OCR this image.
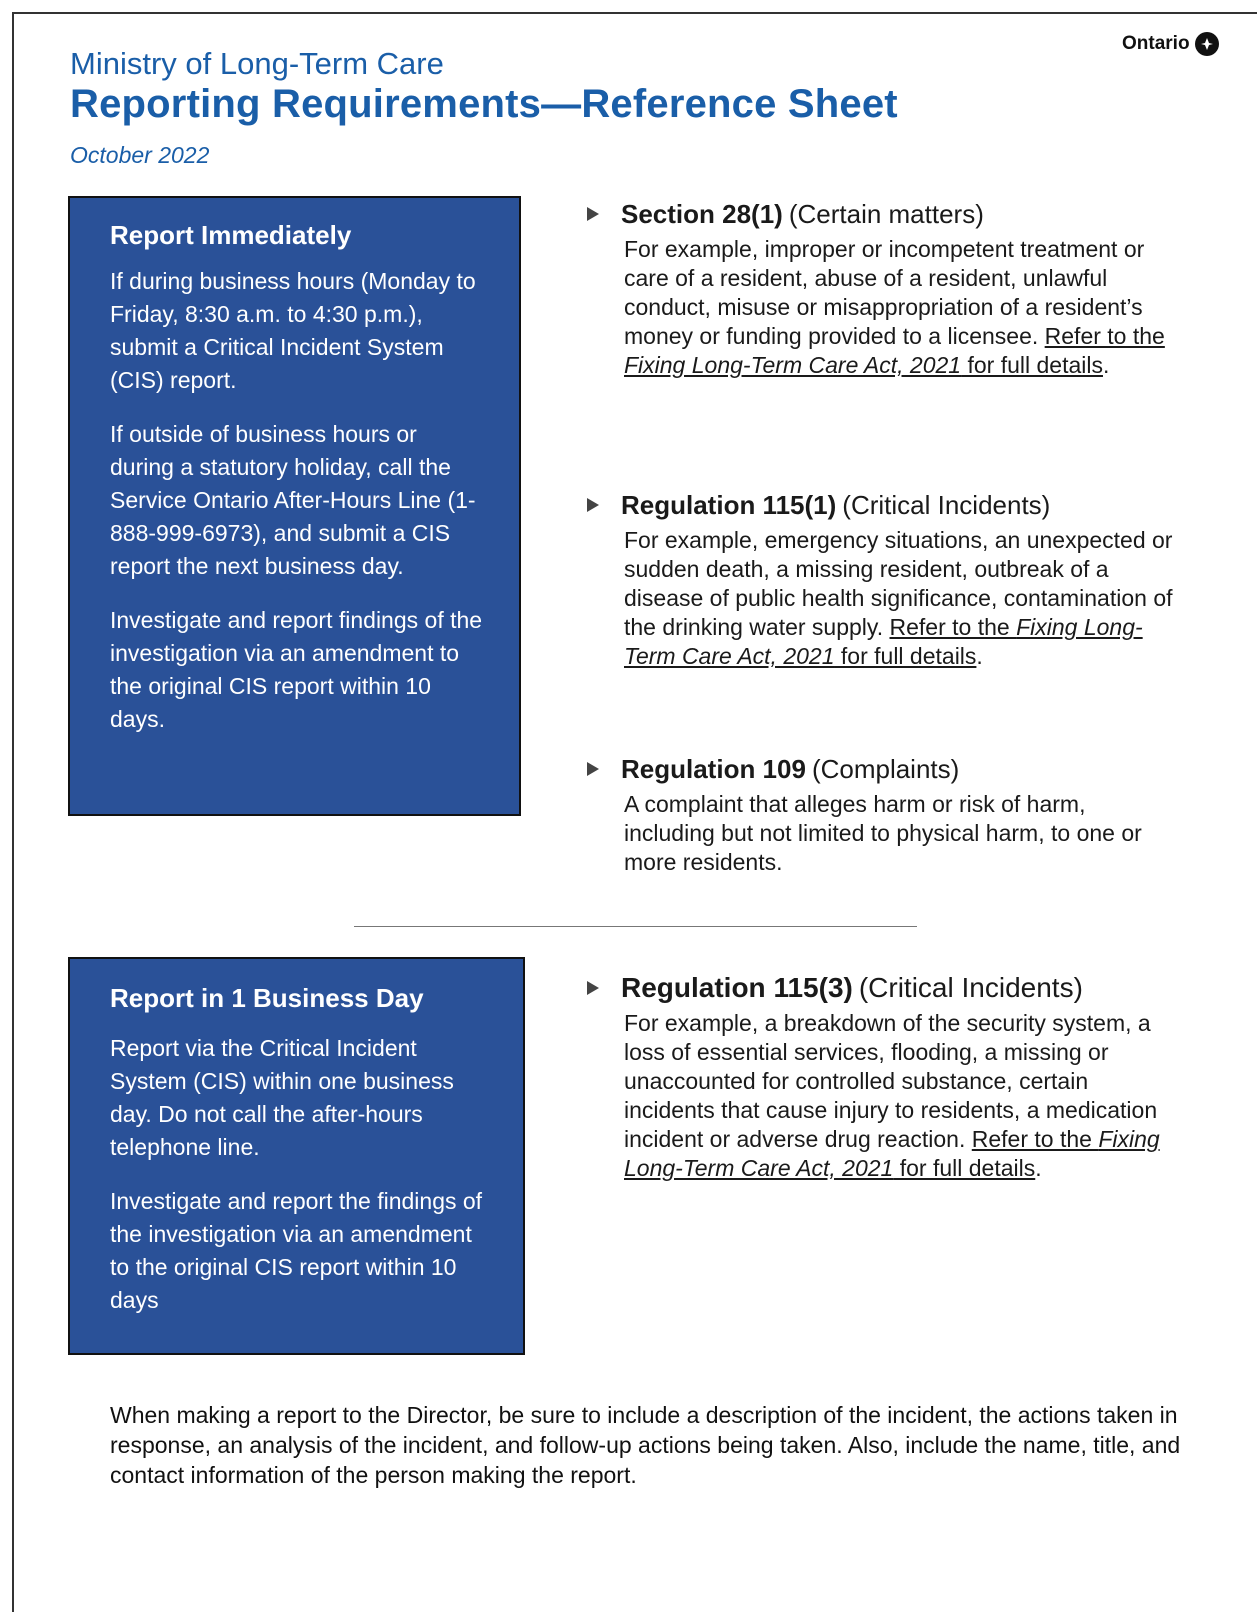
Ontario
Ministry of Long-Term Care
Reporting Requirements—Reference Sheet
October 2022

Report Immediately

If during business hours (Monday to Friday, 8:30 a.m. to 4:30 p.m.), submit a Critical Incident System (CIS) report.

If outside of business hours or during a statutory holiday, call the Service Ontario After-Hours Line (1-888-999-6973), and submit a CIS report the next business day.

Investigate and report findings of the investigation via an amendment to the original CIS report within 10 days.

Section 28(1) (Certain matters)
For example, improper or incompetent treatment or care of a resident, abuse of a resident, unlawful conduct, misuse or misappropriation of a resident’s money or funding provided to a licensee. Refer to the Fixing Long-Term Care Act, 2021 for full details.
Regulation 115(1) (Critical Incidents)
For example, emergency situations, an unexpected or sudden death, a missing resident, outbreak of a disease of public health significance, contamination of the drinking water supply. Refer to the Fixing Long-Term Care Act, 2021 for full details.
Regulation 109 (Complaints)
A complaint that alleges harm or risk of harm, including but not limited to physical harm, to one or more residents.

Report in 1 Business Day

Report via the Critical Incident System (CIS) within one business day. Do not call the after-hours telephone line.

Investigate and report the findings of the investigation via an amendment to the original CIS report within 10 days

Regulation 115(3) (Critical Incidents)
For example, a breakdown of the security system, a loss of essential services, flooding, a missing or unaccounted for controlled substance, certain incidents that cause injury to residents, a medication incident or adverse drug reaction. Refer to the Fixing Long-Term Care Act, 2021 for full details.
When making a report to the Director, be sure to include a description of the incident, the actions taken in response, an analysis of the incident, and follow-up actions being taken. Also, include the name, title, and contact information of the person making the report.
